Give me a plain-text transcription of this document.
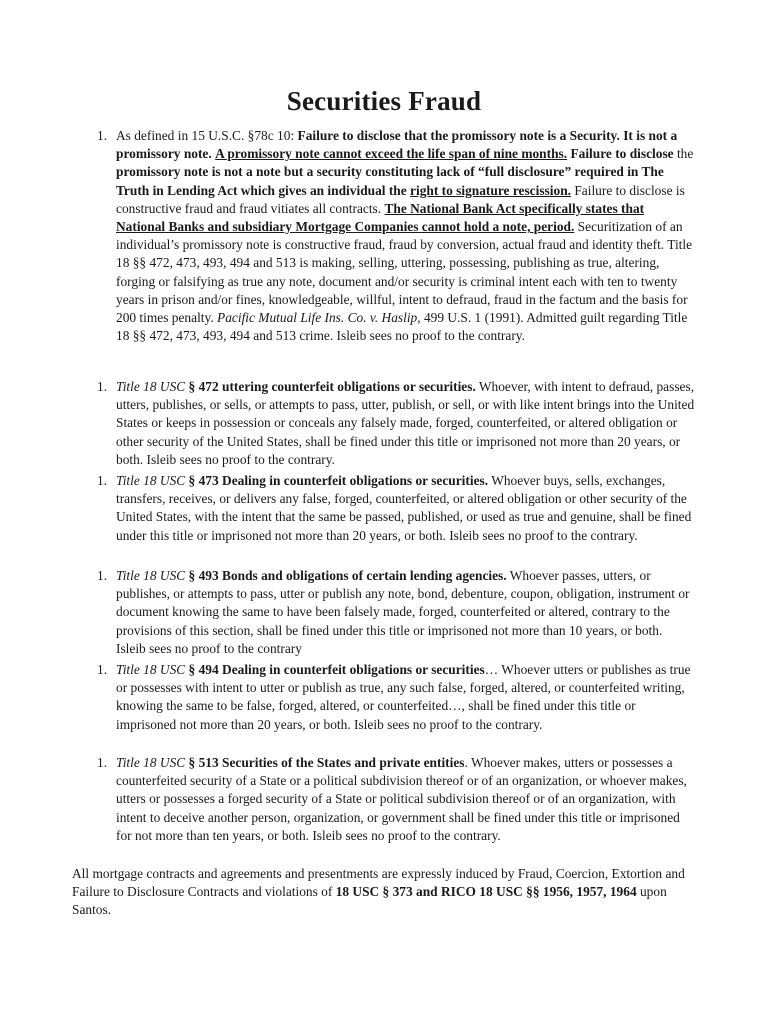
Securities Fraud
1. As defined in 15 U.S.C. §78c 10: Failure to disclose that the promissory note is a Security. It is not a promissory note. A promissory note cannot exceed the life span of nine months. Failure to disclose the promissory note is not a note but a security constituting lack of “full disclosure” required in The Truth in Lending Act which gives an individual the right to signature rescission. Failure to disclose is constructive fraud and fraud vitiates all contracts. The National Bank Act specifically states that National Banks and subsidiary Mortgage Companies cannot hold a note, period. Securitization of an individual’s promissory note is constructive fraud, fraud by conversion, actual fraud and identity theft. Title 18 §§ 472, 473, 493, 494 and 513 is making, selling, uttering, possessing, publishing as true, altering, forging or falsifying as true any note, document and/or security is criminal intent each with ten to twenty years in prison and/or fines, knowledgeable, willful, intent to defraud, fraud in the factum and the basis for 200 times penalty. Pacific Mutual Life Ins. Co. v. Haslip, 499 U.S. 1 (1991). Admitted guilt regarding Title 18 §§ 472, 473, 493, 494 and 513 crime. Isleib sees no proof to the contrary.
1. Title 18 USC § 472 uttering counterfeit obligations or securities. Whoever, with intent to defraud, passes, utters, publishes, or sells, or attempts to pass, utter, publish, or sell, or with like intent brings into the United States or keeps in possession or conceals any falsely made, forged, counterfeited, or altered obligation or other security of the United States, shall be fined under this title or imprisoned not more than 20 years, or both. Isleib sees no proof to the contrary.
1. Title 18 USC § 473 Dealing in counterfeit obligations or securities. Whoever buys, sells, exchanges, transfers, receives, or delivers any false, forged, counterfeited, or altered obligation or other security of the United States, with the intent that the same be passed, published, or used as true and genuine, shall be fined under this title or imprisoned not more than 20 years, or both. Isleib sees no proof to the contrary.
1. Title 18 USC § 493 Bonds and obligations of certain lending agencies. Whoever passes, utters, or publishes, or attempts to pass, utter or publish any note, bond, debenture, coupon, obligation, instrument or document knowing the same to have been falsely made, forged, counterfeited or altered, contrary to the provisions of this section, shall be fined under this title or imprisoned not more than 10 years, or both. Isleib sees no proof to the contrary
1. Title 18 USC § 494 Dealing in counterfeit obligations or securities… Whoever utters or publishes as true or possesses with intent to utter or publish as true, any such false, forged, altered, or counterfeited writing, knowing the same to be false, forged, altered, or counterfeited…, shall be fined under this title or imprisoned not more than 20 years, or both. Isleib sees no proof to the contrary.
1. Title 18 USC § 513 Securities of the States and private entities. Whoever makes, utters or possesses a counterfeited security of a State or a political subdivision thereof or of an organization, or whoever makes, utters or possesses a forged security of a State or political subdivision thereof or of an organization, with intent to deceive another person, organization, or government shall be fined under this title or imprisoned for not more than ten years, or both. Isleib sees no proof to the contrary.
All mortgage contracts and agreements and presentments are expressly induced by Fraud, Coercion, Extortion and Failure to Disclosure Contracts and violations of 18 USC § 373 and RICO 18 USC §§ 1956, 1957, 1964 upon Santos.
